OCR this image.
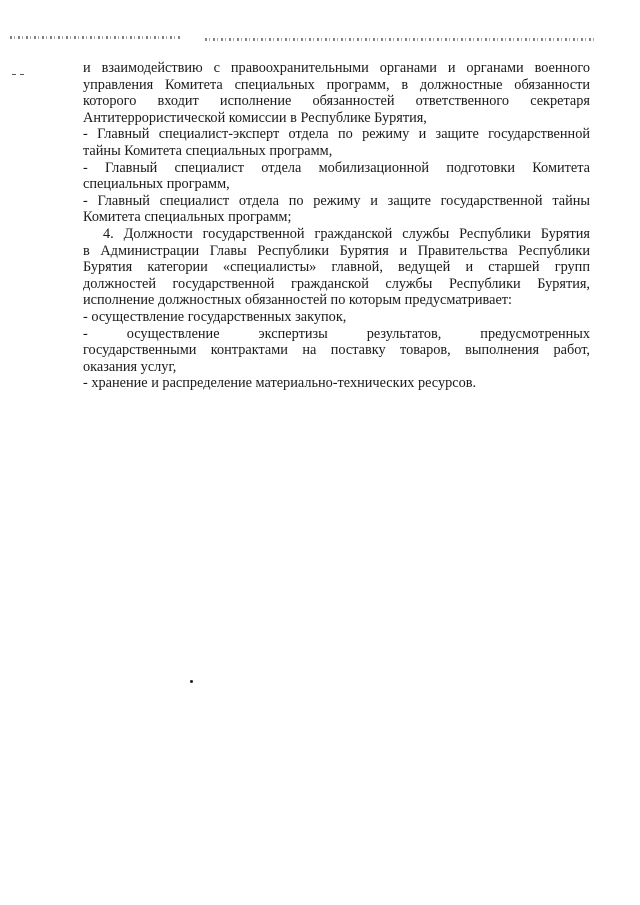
и взаимодействию с правоохранительными органами и органами военного
управления Комитета специальных программ, в должностные обязанности
которого входит исполнение обязанностей ответственного секретаря
Антитеррористической комиссии в Республике Бурятия,
- Главный специалист-эксперт отдела по режиму и защите государственной
тайны Комитета специальных программ,
- Главный специалист отдела мобилизационной подготовки Комитета
специальных программ,
- Главный специалист отдела по режиму и защите государственной тайны
Комитета специальных программ;
4. Должности государственной гражданской службы Республики Бурятия
в Администрации Главы Республики Бурятия и Правительства Республики
Бурятия категории «специалисты» главной, ведущей и старшей групп
должностей государственной гражданской службы Республики Бурятия,
исполнение должностных обязанностей по которым предусматривает:
- осуществление государственных закупок,
- осуществление экспертизы результатов, предусмотренных
государственными контрактами на поставку товаров, выполнения работ,
оказания услуг,
- хранение и распределение материально-технических ресурсов.
